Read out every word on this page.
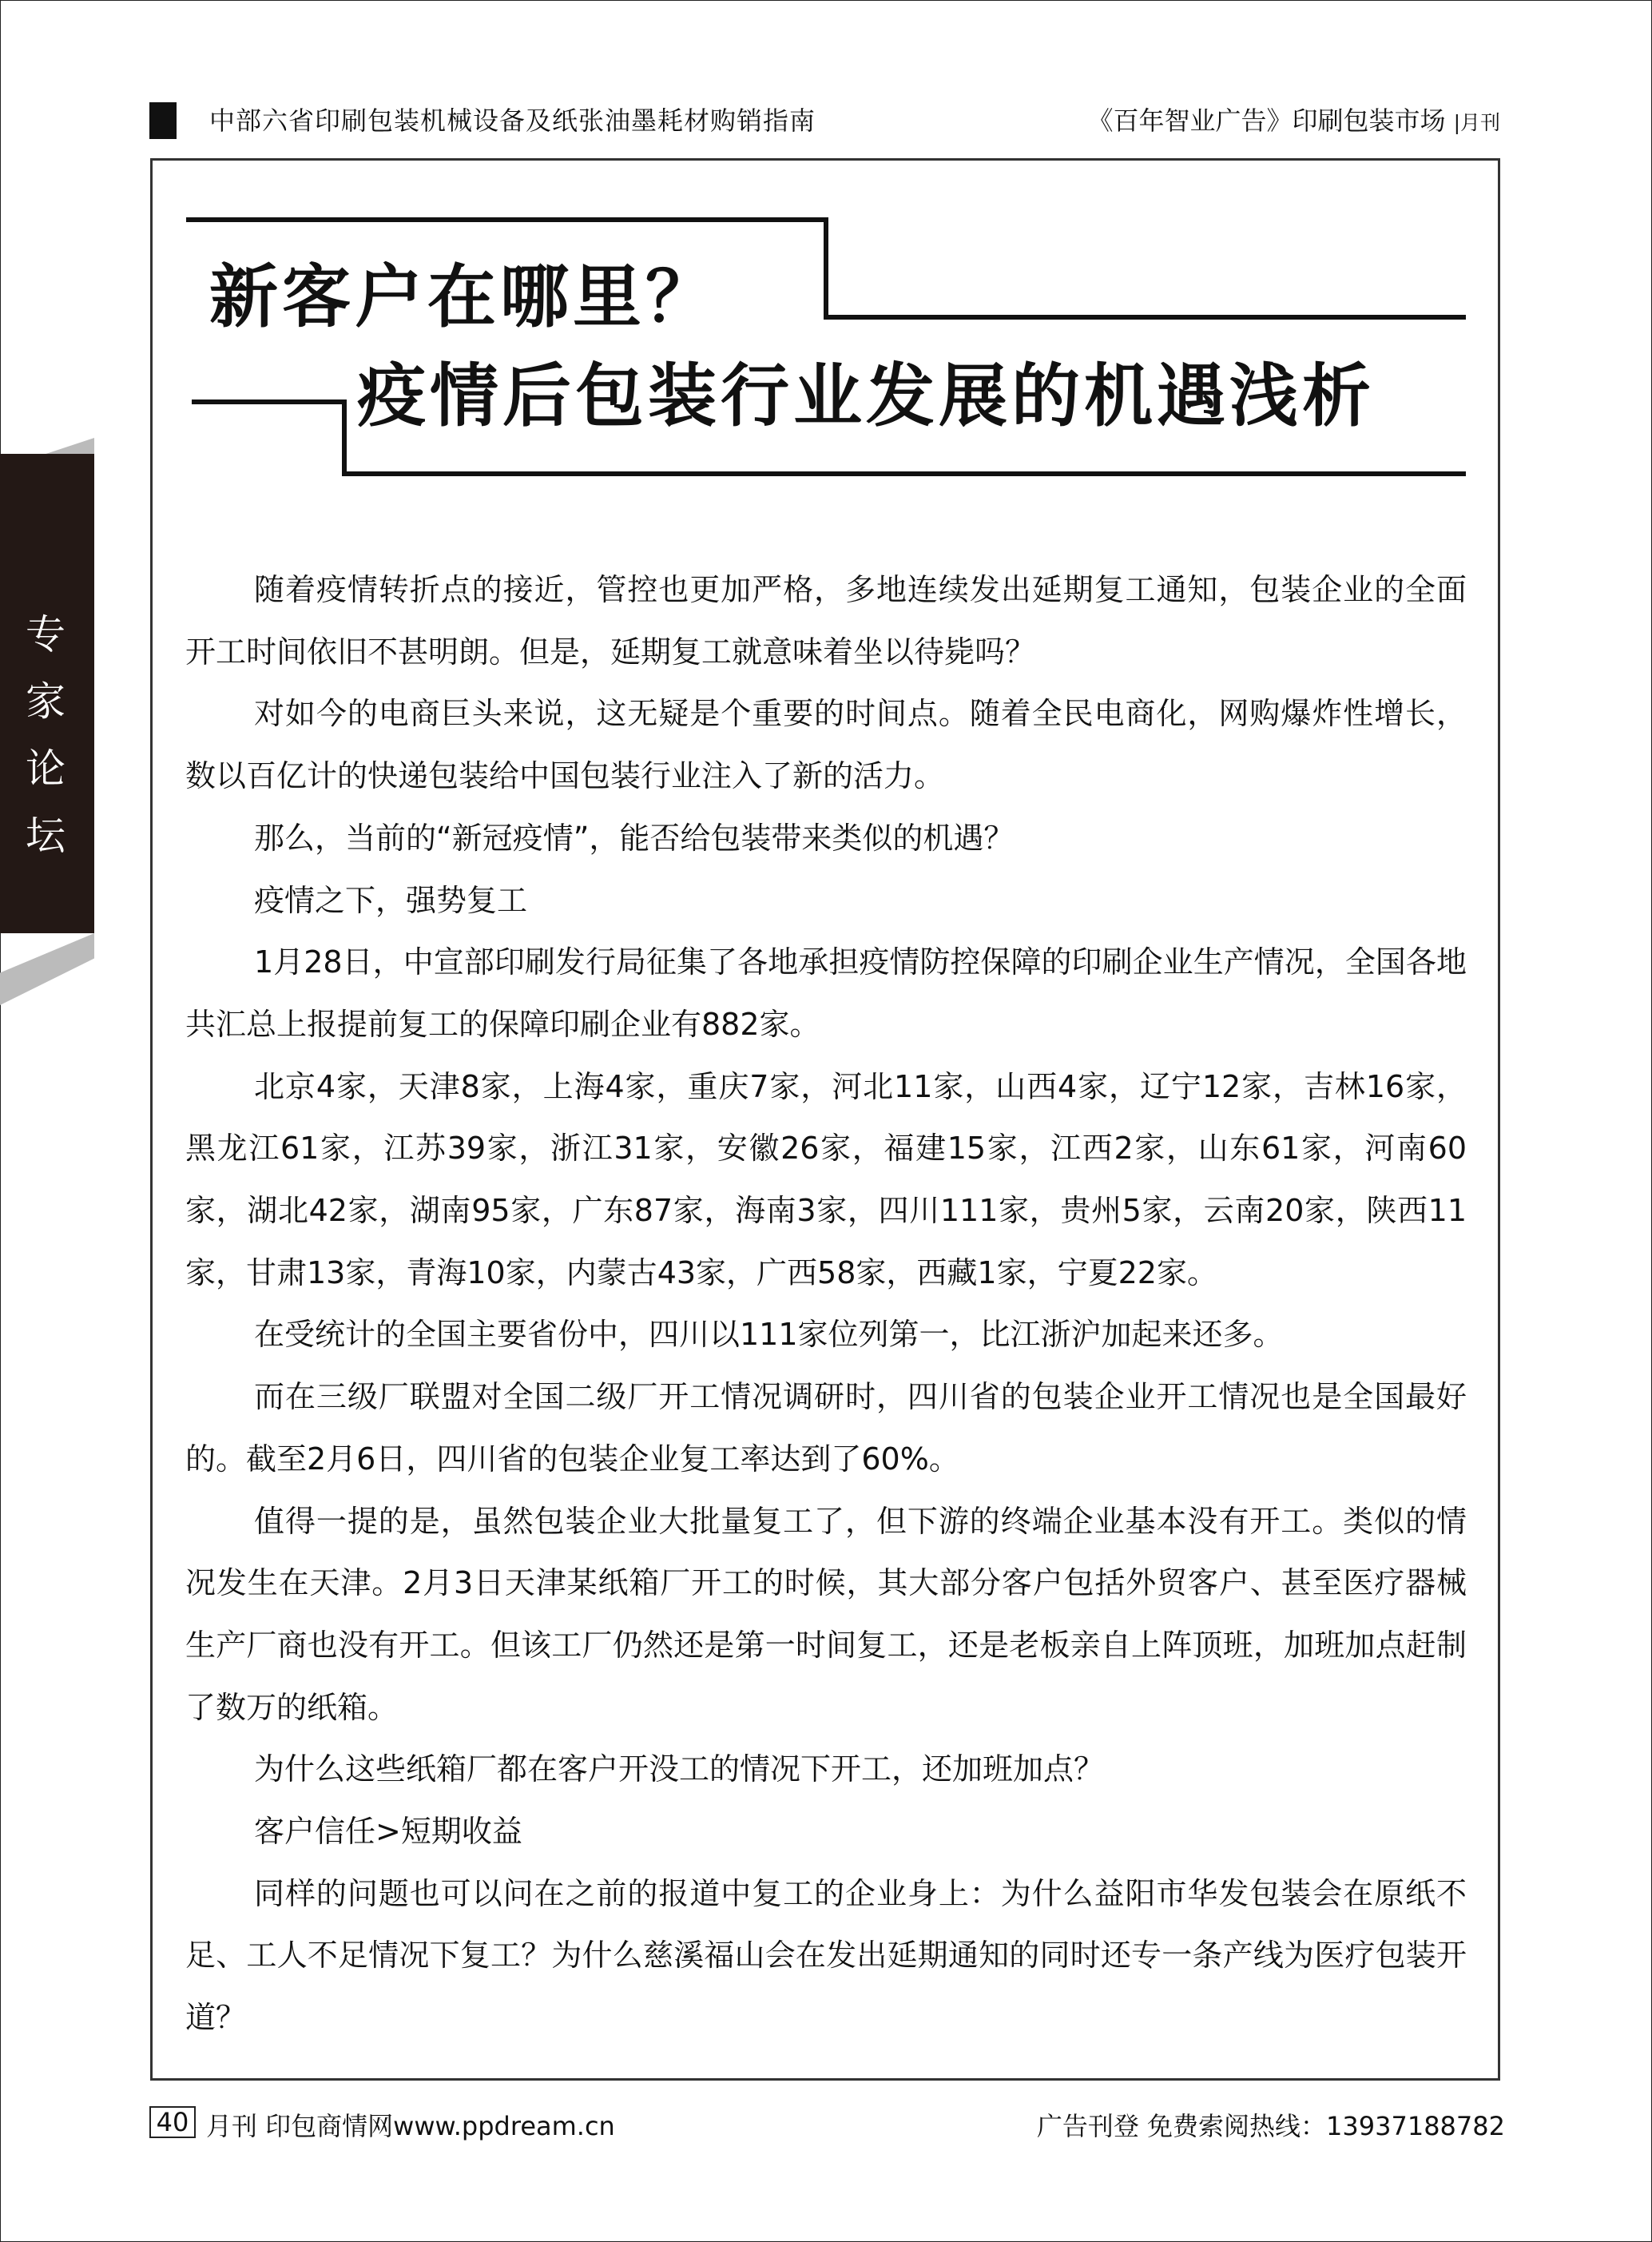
中部六省印刷包装机械设备及纸张油墨耗材购销指南	《百年智业广告》印刷包装市场 |月刊
专
家
论
坛
新客户在哪里？
疫情后包装行业发展的机遇浅析

随着疫情转折点的接近，管控也更加严格，多地连续发出延期复工通知，包装企业的全面开工时间依旧不甚明朗。但是，延期复工就意味着坐以待毙吗？

对如今的电商巨头来说，这无疑是个重要的时间点。随着全民电商化，网购爆炸性增长，数以百亿计的快递包装给中国包装行业注入了新的活力。

那么，当前的“新冠疫情”，能否给包装带来类似的机遇？

疫情之下，强势复工

1月28日，中宣部印刷发行局征集了各地承担疫情防控保障的印刷企业生产情况，全国各地共汇总上报提前复工的保障印刷企业有882家。

北京4家，天津8家，上海4家，重庆7家，河北11家，山西4家，辽宁12家，吉林16家，黑龙江61家，江苏39家，浙江31家，安徽26家，福建15家，江西2家，山东61家，河南60家，湖北42家，湖南95家，广东87家，海南3家，四川111家，贵州5家，云南20家，陕西11家，甘肃13家，青海10家，内蒙古43家，广西58家，西藏1家，宁夏22家。

在受统计的全国主要省份中，四川以111家位列第一，比江浙沪加起来还多。

而在三级厂联盟对全国二级厂开工情况调研时，四川省的包装企业开工情况也是全国最好的。截至2月6日，四川省的包装企业复工率达到了60%。

值得一提的是，虽然包装企业大批量复工了，但下游的终端企业基本没有开工。类似的情况发生在天津。2月3日天津某纸箱厂开工的时候，其大部分客户包括外贸客户、甚至医疗器械生产厂商也没有开工。但该工厂仍然还是第一时间复工，还是老板亲自上阵顶班，加班加点赶制了数万的纸箱。

为什么这些纸箱厂都在客户开没工的情况下开工，还加班加点？

客户信任>短期收益

同样的问题也可以问在之前的报道中复工的企业身上：为什么益阳市华发包装会在原纸不足、工人不足情况下复工？为什么慈溪福山会在发出延期通知的同时还专一条产线为医疗包装开道？

40 月刊 印包商情网www.ppdream.cn	广告刊登 免费索阅热线：13937188782
